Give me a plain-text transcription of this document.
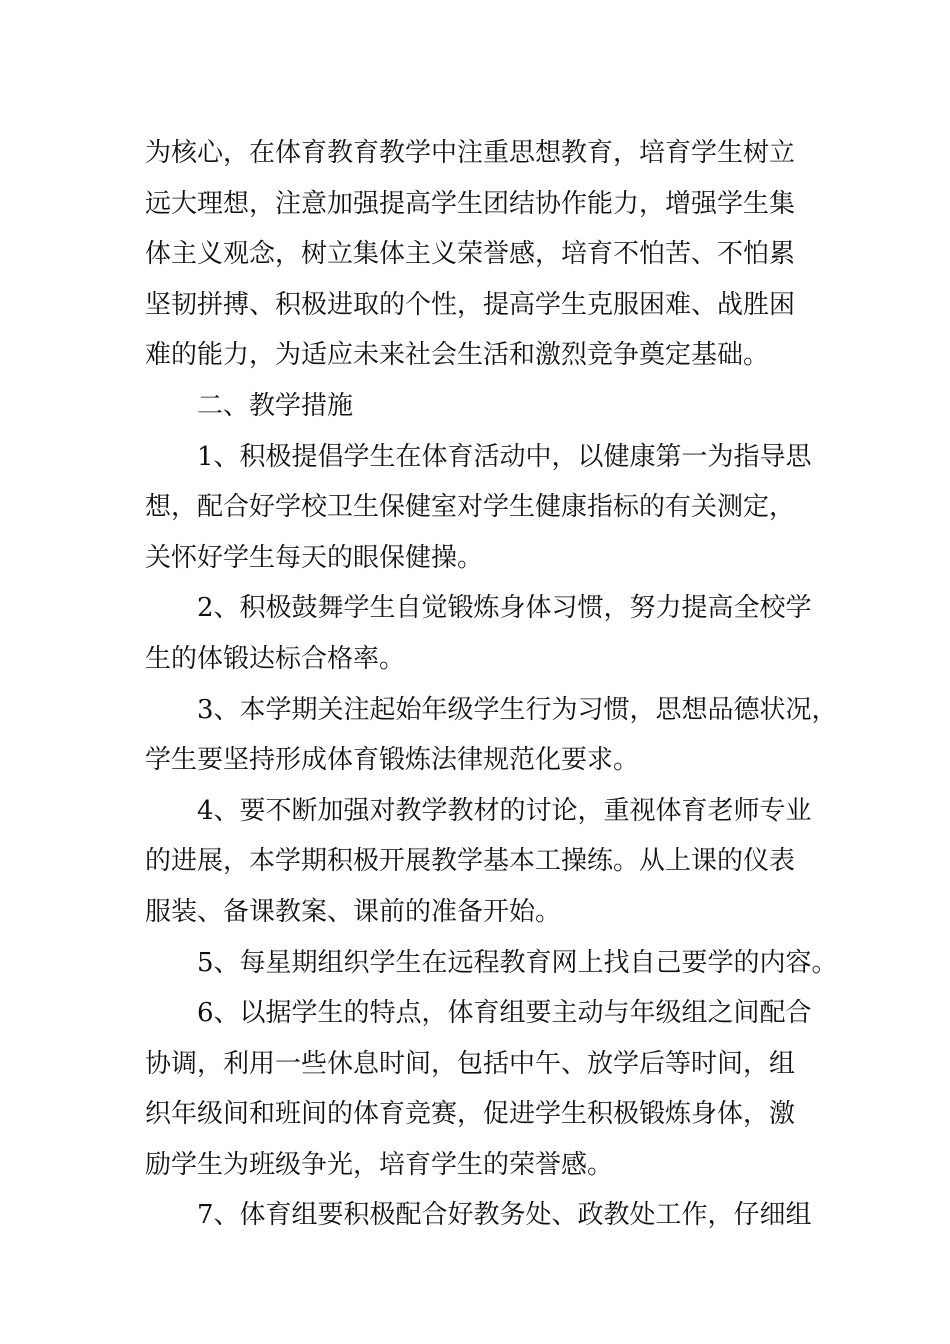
为核心，在体育教育教学中注重思想教育，培育学生树立
远大理想，注意加强提高学生团结协作能力，增强学生集
体主义观念，树立集体主义荣誉感，培育不怕苦、不怕累
坚韧拼搏、积极进取的个性，提高学生克服困难、战胜困
难的能力，为适应未来社会生活和激烈竞争奠定基础。
二、教学措施
1、积极提倡学生在体育活动中，以健康第一为指导思
想，配合好学校卫生保健室对学生健康指标的有关测定，
关怀好学生每天的眼保健操。
2、积极鼓舞学生自觉锻炼身体习惯，努力提高全校学
生的体锻达标合格率。
3、本学期关注起始年级学生行为习惯，思想品德状况，
学生要坚持形成体育锻炼法律规范化要求。
4、要不断加强对教学教材的讨论，重视体育老师专业
的进展，本学期积极开展教学基本工操练。从上课的仪表
服装、备课教案、课前的准备开始。
5、每星期组织学生在远程教育网上找自己要学的内容。
6、以据学生的特点，体育组要主动与年级组之间配合
协调，利用一些休息时间，包括中午、放学后等时间，组
织年级间和班间的体育竞赛，促进学生积极锻炼身体，激
励学生为班级争光，培育学生的荣誉感。
7、体育组要积极配合好教务处、政教处工作，仔细组
